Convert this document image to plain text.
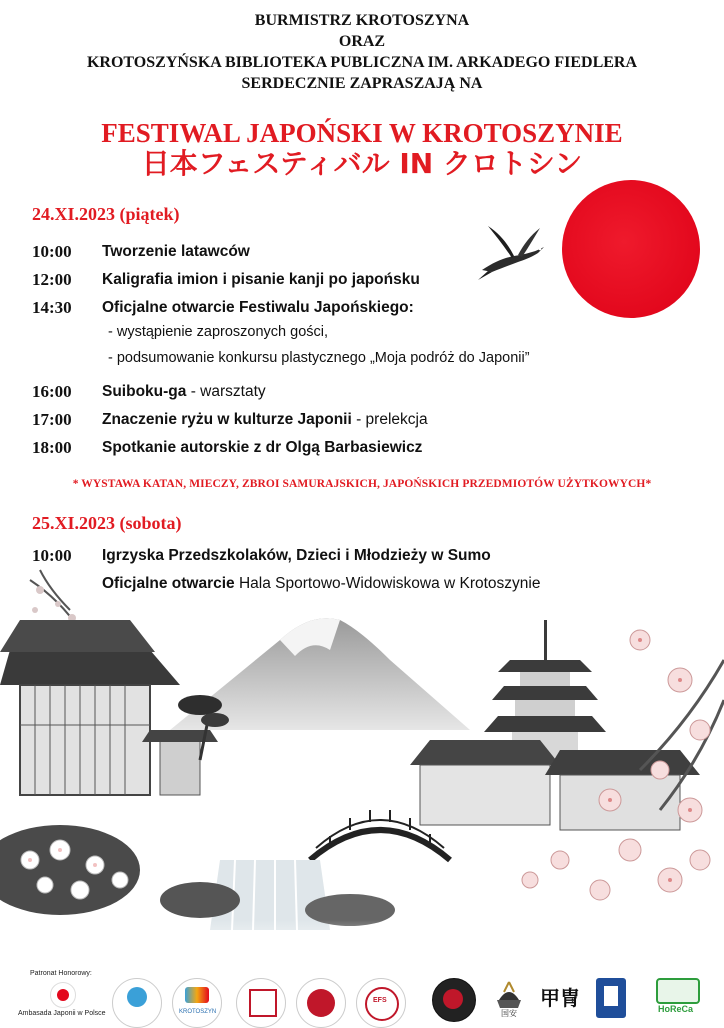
BURMISTRZ KROTOSZYNA
ORAZ
KROTOSZYŃSKA BIBLIOTEKA PUBLICZNA IM. ARKADEGO FIEDLERA
SERDECZNIE ZAPRASZAJĄ NA
FESTIWAL JAPOŃSKI W KROTOSZYNIE
日本フェスティバル IN クロトシン
24.XI.2023 (piątek)
10:00	Tworzenie latawców
12:00	Kaligrafia imion i pisanie kanji po japońsku
14:30	Oficjalne otwarcie Festiwalu Japońskiego:
- wystąpienie zaproszonych gości,
- podsumowanie konkursu plastycznego „Moja podróż do Japonii”
16:00	Suiboku-ga - warsztaty
17:00	Znaczenie ryżu w kulturze Japonii - prelekcja
18:00	Spotkanie autorskie z dr Olgą Barbasiewicz
* WYSTAWA KATAN, MIECZY, ZBROI SAMURAJSKICH, JAPOŃSKICH PRZEDMIOTÓW UŻYTKOWYCH*
25.XI.2023 (sobota)
10:00	Igrzyska Przedszkolaków, Dzieci i Młodzieży w Sumo
Oficjalne otwarcie Hala Sportowo-Widowiskowa w Krotoszynie
Patronat Honorowy:
Ambasada Japonii w Polsce	KROTOSZYN
EFS
国安
甲冑	HoReCa
